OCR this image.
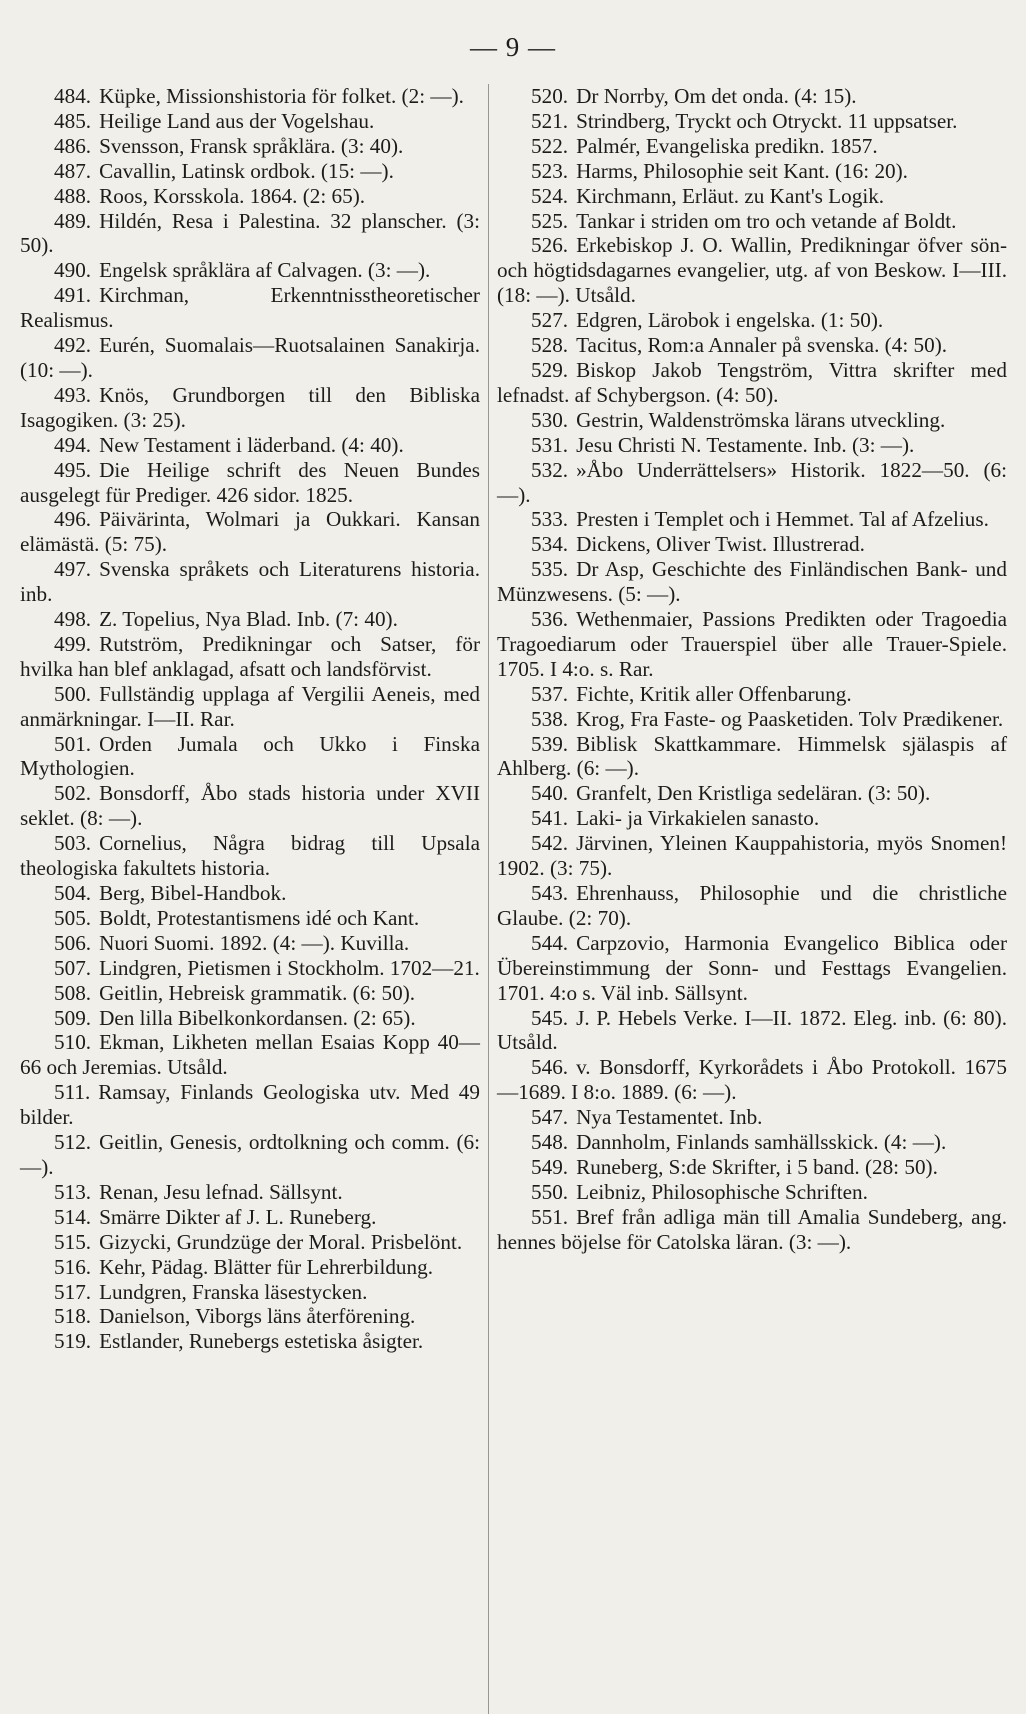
— 9 —

484. Küpke, Missionshistoria för folket. (2: —).

485. Heilige Land aus der Vogelshau.

486. Svensson, Fransk språklära. (3: 40).

487. Cavallin, Latinsk ordbok. (15: —).

488. Roos, Korsskola. 1864. (2: 65).

489. Hildén, Resa i Palestina. 32 planscher. (3: 50).

490. Engelsk språklära af Calvagen. (3: —).

491. Kirchman, Erkenntnisstheoretischer Realismus.

492. Eurén, Suomalais—Ruotsalainen Sanakirja. (10: —).

493. Knös, Grundborgen till den Bibliska Isagogiken. (3: 25).

494. New Testament i läderband. (4: 40).

495. Die Heilige schrift des Neuen Bundes ausgelegt für Prediger. 426 sidor. 1825.

496. Päivärinta, Wolmari ja Oukkari. Kansan elämästä. (5: 75).

497. Svenska språkets och Literaturens historia. inb.

498. Z. Topelius, Nya Blad. Inb. (7: 40).

499. Rutström, Predikningar och Satser, för hvilka han blef anklagad, afsatt och landsförvist.

500. Fullständig upplaga af Vergilii Aeneis, med anmärkningar. I—II. Rar.

501. Orden Jumala och Ukko i Finska Mythologien.

502. Bonsdorff, Åbo stads historia under XVII seklet. (8: —).

503. Cornelius, Några bidrag till Upsala theologiska fakultets historia.

504. Berg, Bibel-Handbok.

505. Boldt, Protestantismens idé och Kant.

506. Nuori Suomi. 1892. (4: —). Kuvilla.

507. Lindgren, Pietismen i Stockholm. 1702—21.

508. Geitlin, Hebreisk grammatik. (6: 50).

509. Den lilla Bibelkonkordansen. (2: 65).

510. Ekman, Likheten mellan Esaias Kopp 40—66 och Jeremias. Utsåld.

511. Ramsay, Finlands Geologiska utv. Med 49 bilder.

512. Geitlin, Genesis, ordtolkning och comm. (6: —).

513. Renan, Jesu lefnad. Sällsynt.

514. Smärre Dikter af J. L. Runeberg.

515. Gizycki, Grundzüge der Moral. Prisbelönt.

516. Kehr, Pädag. Blätter für Lehrerbildung.

517. Lundgren, Franska läsestycken.

518. Danielson, Viborgs läns återförening.

519. Estlander, Runebergs estetiska åsigter.

520. Dr Norrby, Om det onda. (4: 15).

521. Strindberg, Tryckt och Otryckt. 11 uppsatser.

522. Palmér, Evangeliska predikn. 1857.

523. Harms, Philosophie seit Kant. (16: 20).

524. Kirchmann, Erläut. zu Kant's Logik.

525. Tankar i striden om tro och vetande af Boldt.

526. Erkebiskop J. O. Wallin, Predikningar öfver sön- och högtidsdagarnes evangelier, utg. af von Beskow. I—III. (18: —). Utsåld.

527. Edgren, Lärobok i engelska. (1: 50).

528. Tacitus, Rom:a Annaler på svenska. (4: 50).

529. Biskop Jakob Tengström, Vittra skrifter med lefnadst. af Schybergson. (4: 50).

530. Gestrin, Waldenströmska lärans utveckling.

531. Jesu Christi N. Testamente. Inb. (3: —).

532. »Åbo Underrättelsers» Historik. 1822—50. (6: —).

533. Presten i Templet och i Hemmet. Tal af Afzelius.

534. Dickens, Oliver Twist. Illustrerad.

535. Dr Asp, Geschichte des Finländischen Bank- und Münzwesens. (5: —).

536. Wethenmaier, Passions Predikten oder Tragoedia Tragoediarum oder Trauerspiel über alle Trauer-Spiele. 1705. I 4:o. s. Rar.

537. Fichte, Kritik aller Offenbarung.

538. Krog, Fra Faste- og Paasketiden. Tolv Prædikener.

539. Biblisk Skattkammare. Himmelsk själaspis af Ahlberg. (6: —).

540. Granfelt, Den Kristliga sedeläran. (3: 50).

541. Laki- ja Virkakielen sanasto.

542. Järvinen, Yleinen Kauppahistoria, myös Snomen! 1902. (3: 75).

543. Ehrenhauss, Philosophie und die christliche Glaube. (2: 70).

544. Carpzovio, Harmonia Evangelico Biblica oder Übereinstimmung der Sonn- und Festtags Evangelien. 1701. 4:o s. Väl inb. Sällsynt.

545. J. P. Hebels Verke. I—II. 1872. Eleg. inb. (6: 80). Utsåld.

546. v. Bonsdorff, Kyrkorådets i Åbo Protokoll. 1675—1689. I 8:o. 1889. (6: —).

547. Nya Testamentet. Inb.

548. Dannholm, Finlands samhällsskick. (4: —).

549. Runeberg, S:de Skrifter, i 5 band. (28: 50).

550. Leibniz, Philosophische Schriften.

551. Bref från adliga män till Amalia Sundeberg, ang. hennes böjelse för Catolska läran. (3: —).
